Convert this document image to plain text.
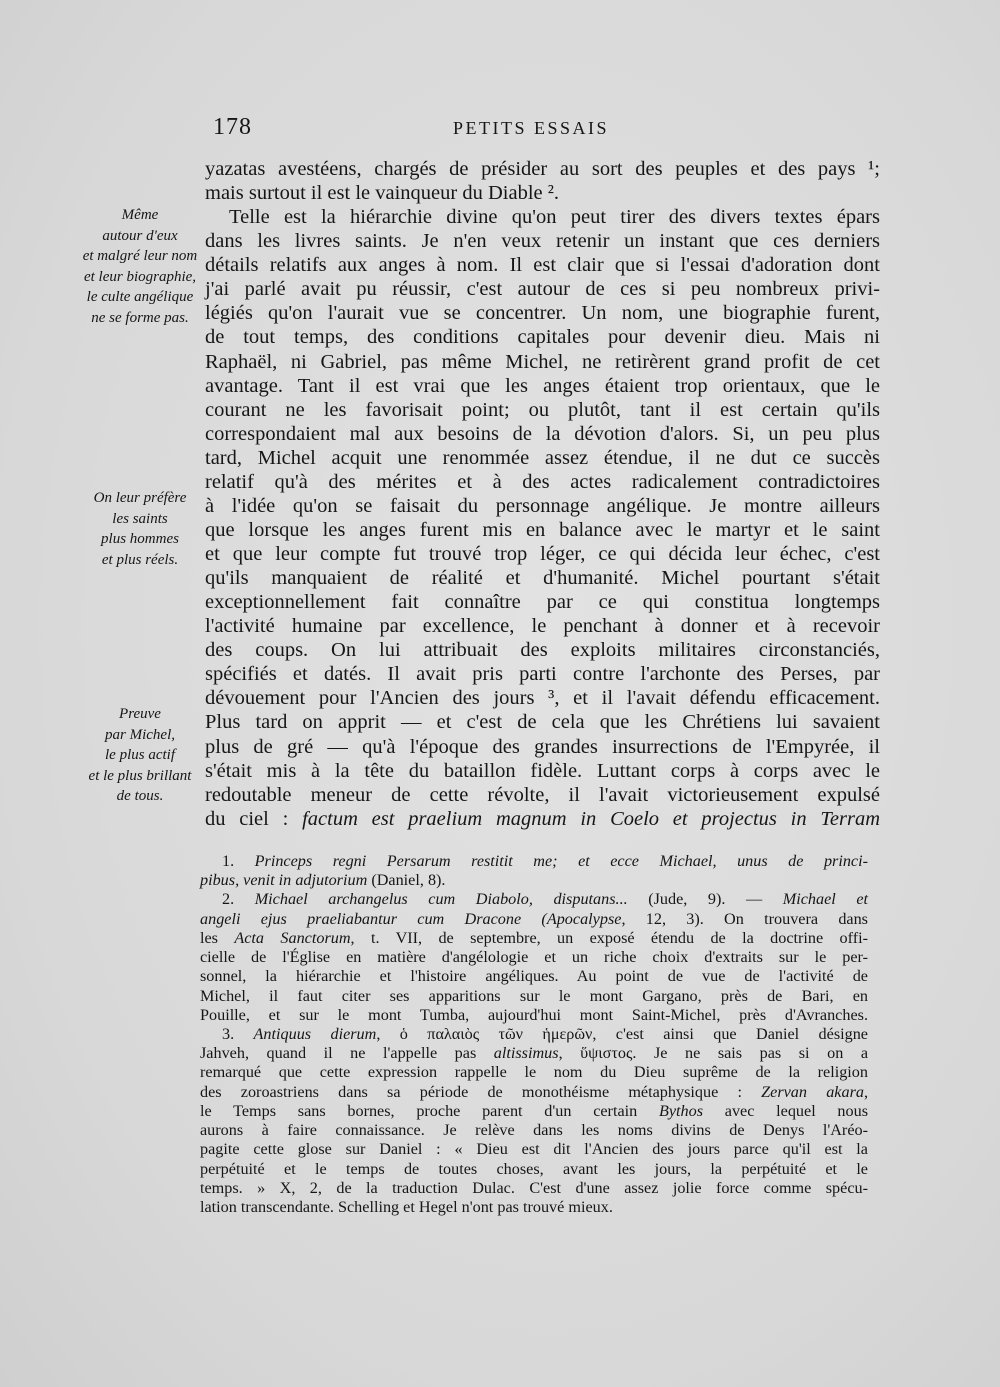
178	PETITS ESSAIS
Même
autour d'eux
et malgré leur nom
et leur biographie,
le culte angélique
ne se forme pas.
On leur préfère
les saints
plus hommes
et plus réels.
Preuve
par Michel,
le plus actif
et le plus brillant
de tous.
yazatas avestéens, chargés de présider au sort des peuples et des pays ¹;
mais surtout il est le vainqueur du Diable ².
Telle est la hiérarchie divine qu'on peut tirer des divers textes épars
dans les livres saints. Je n'en veux retenir un instant que ces derniers
détails relatifs aux anges à nom. Il est clair que si l'essai d'adoration dont
j'ai parlé avait pu réussir, c'est autour de ces si peu nombreux privi-
légiés qu'on l'aurait vue se concentrer. Un nom, une biographie furent,
de tout temps, des conditions capitales pour devenir dieu. Mais ni
Raphaël, ni Gabriel, pas même Michel, ne retirèrent grand profit de cet
avantage. Tant il est vrai que les anges étaient trop orientaux, que le
courant ne les favorisait point; ou plutôt, tant il est certain qu'ils
correspondaient mal aux besoins de la dévotion d'alors. Si, un peu plus
tard, Michel acquit une renommée assez étendue, il ne dut ce succès
relatif qu'à des mérites et à des actes radicalement contradictoires
à l'idée qu'on se faisait du personnage angélique. Je montre ailleurs
que lorsque les anges furent mis en balance avec le martyr et le saint
et que leur compte fut trouvé trop léger, ce qui décida leur échec, c'est
qu'ils manquaient de réalité et d'humanité. Michel pourtant s'était
exceptionnellement fait connaître par ce qui constitua longtemps
l'activité humaine par excellence, le penchant à donner et à recevoir
des coups. On lui attribuait des exploits militaires circonstanciés,
spécifiés et datés. Il avait pris parti contre l'archonte des Perses, par
dévouement pour l'Ancien des jours ³, et il l'avait défendu efficacement.
Plus tard on apprit — et c'est de cela que les Chrétiens lui savaient
plus de gré — qu'à l'époque des grandes insurrections de l'Empyrée, il
s'était mis à la tête du bataillon fidèle. Luttant corps à corps avec le
redoutable meneur de cette révolte, il l'avait victorieusement expulsé
du ciel : factum est praelium magnum in Coelo et projectus in Terram
1. Princeps regni Persarum restitit me; et ecce Michael, unus de princi-
pibus, venit in adjutorium (Daniel, 8).
2. Michael archangelus cum Diabolo, disputans... (Jude, 9). — Michael et
angeli ejus praeliabantur cum Dracone (Apocalypse, 12, 3). On trouvera dans
les Acta Sanctorum, t. VII, de septembre, un exposé étendu de la doctrine offi-
cielle de l'Église en matière d'angélologie et un riche choix d'extraits sur le per-
sonnel, la hiérarchie et l'histoire angéliques. Au point de vue de l'activité de
Michel, il faut citer ses apparitions sur le mont Gargano, près de Bari, en
Pouille, et sur le mont Tumba, aujourd'hui mont Saint-Michel, près d'Avranches.
3. Antiquus dierum, ὁ παλαιὸς τῶν ἡμερῶν, c'est ainsi que Daniel désigne
Jahveh, quand il ne l'appelle pas altissimus, ὕψιστος. Je ne sais pas si on a
remarqué que cette expression rappelle le nom du Dieu suprême de la religion
des zoroastriens dans sa période de monothéisme métaphysique : Zervan akara,
le Temps sans bornes, proche parent d'un certain Bythos avec lequel nous
aurons à faire connaissance. Je relève dans les noms divins de Denys l'Aréo-
pagite cette glose sur Daniel : « Dieu est dit l'Ancien des jours parce qu'il est la
perpétuité et le temps de toutes choses, avant les jours, la perpétuité et le
temps. » X, 2, de la traduction Dulac. C'est d'une assez jolie force comme spécu-
lation transcendante. Schelling et Hegel n'ont pas trouvé mieux.
